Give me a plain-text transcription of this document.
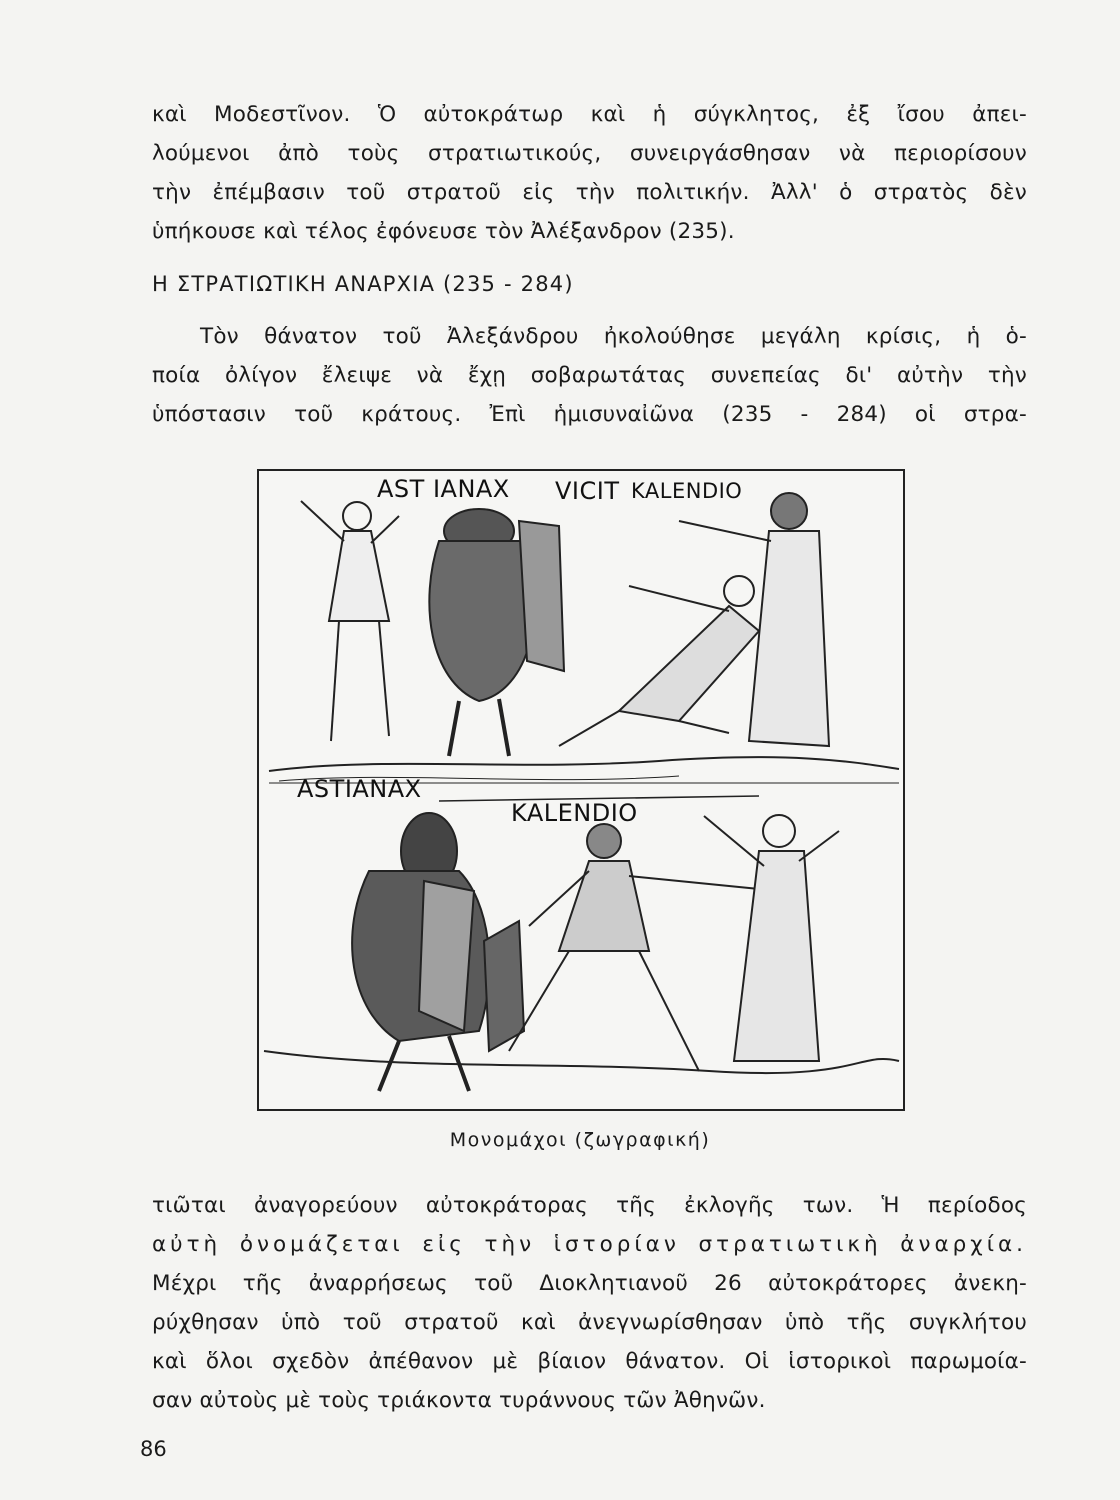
καὶ Μοδεστῖνον. Ὁ αὐτοκράτωρ καὶ ἡ σύγκλητος, ἐξ ἴσου ἀπει-
λούμενοι ἀπὸ τοὺς στρατιωτικούς, συνειργάσθησαν νὰ περιορίσουν
τὴν ἐπέμβασιν τοῦ στρατοῦ εἰς τὴν πολιτικήν. Ἀλλ' ὁ στρατὸς δὲν
ὑπήκουσε καὶ τέλος ἐφόνευσε τὸν Ἀλέξανδρον (235).
Η ΣΤΡΑΤΙΩΤΙΚΗ ΑΝΑΡΧΙΑ (235 - 284)
Τὸν θάνατον τοῦ Ἀλεξάνδρου ἠκολούθησε μεγάλη κρίσις, ἡ ὁ-
ποία ὀλίγον ἔλειψε νὰ ἔχῃ σοβαρωτάτας συνεπείας δι' αὐτὴν τὴν
ὑπόστασιν τοῦ κράτους. Ἐπὶ ἡμισυναἰῶνα (235 - 284) οἱ στρα-
AST IANAX VICIT KALENDIO
ASTIANAX
KALENDIO
Μονομάχοι (ζωγραφική)
τιῶται ἀναγορεύουν αὐτοκράτορας τῆς ἐκλογῆς των. Ἡ περίοδος
αὐτὴ ὀνομάζεται εἰς τὴν ἱστορίαν στρατιωτικὴ ἀναρχία.
Μέχρι τῆς ἀναρρήσεως τοῦ Διοκλητιανοῦ 26 αὐτοκράτορες ἀνεκη-
ρύχθησαν ὑπὸ τοῦ στρατοῦ καὶ ἀνεγνωρίσθησαν ὑπὸ τῆς συγκλήτου
καὶ ὅλοι σχεδὸν ἀπέθανον μὲ βίαιον θάνατον. Οἱ ἱστορικοὶ παρωμοία-
σαν αὐτοὺς μὲ τοὺς τριάκοντα τυράννους τῶν Ἀθηνῶν.
86
